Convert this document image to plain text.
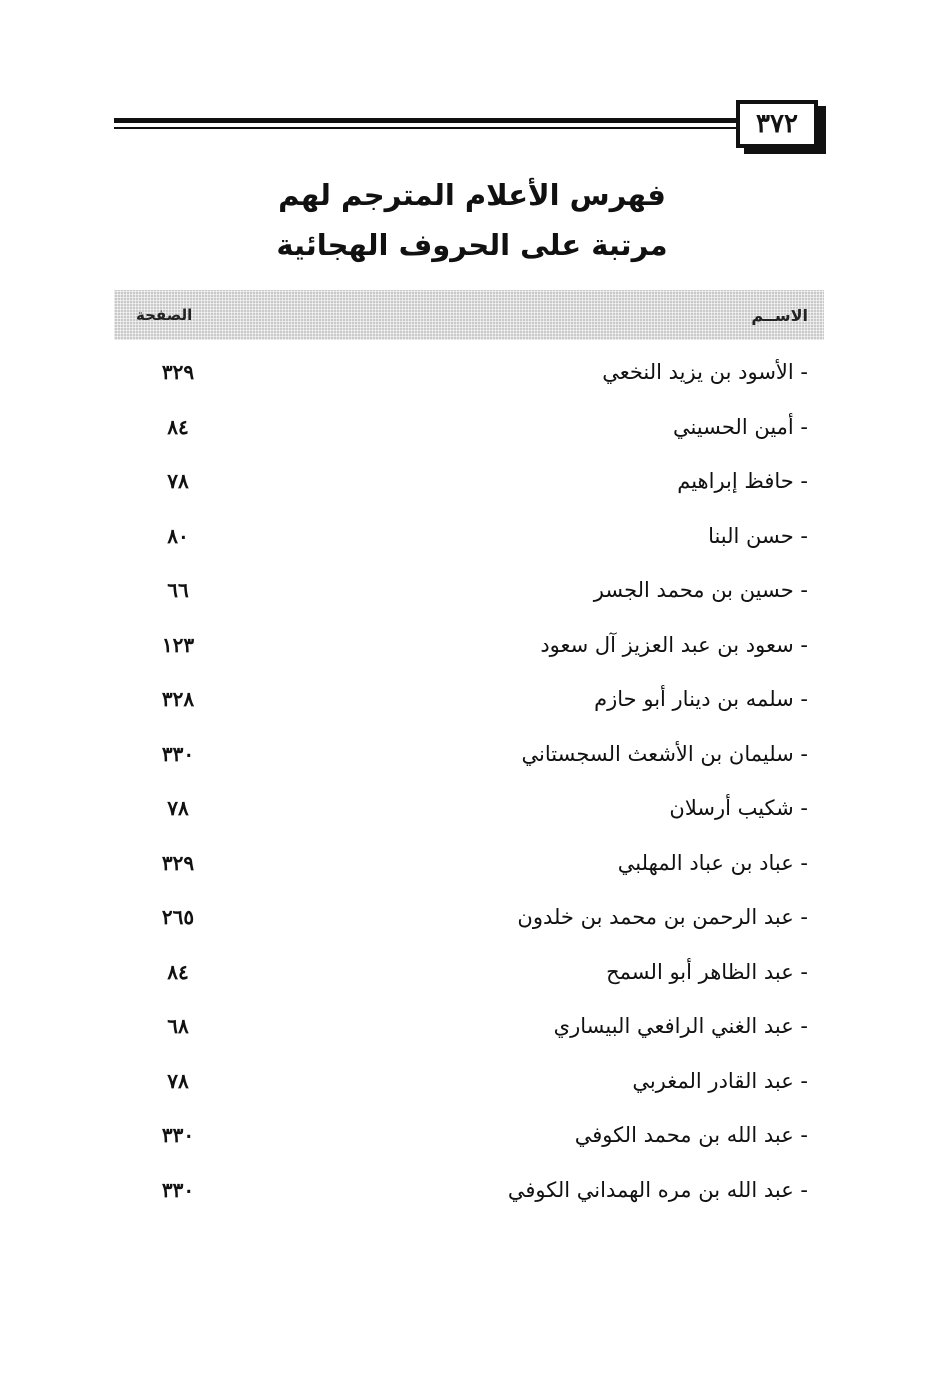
٣٧٢
فهرس الأعلام المترجم لهم
مرتبة على الحروف الهجائية
الاســم
الصفحة
- الأسود بن يزيد النخعي
٣٢٩
- أمين الحسيني
٨٤
- حافظ إبراهيم
٧٨
- حسن البنا
٨٠
- حسين بن محمد الجسر
٦٦
- سعود بن عبد العزيز آل سعود
١٢٣
- سلمه بن دينار أبو حازم
٣٢٨
- سليمان بن الأشعث السجستاني
٣٣٠
- شكيب أرسلان
٧٨
- عباد بن عباد المهلبي
٣٢٩
- عبد الرحمن بن محمد بن خلدون
٢٦٥
- عبد الظاهر أبو السمح
٨٤
- عبد الغني الرافعي البيساري
٦٨
- عبد القادر المغربي
٧٨
- عبد الله بن محمد الكوفي
٣٣٠
- عبد الله بن مره الهمداني الكوفي
٣٣٠
